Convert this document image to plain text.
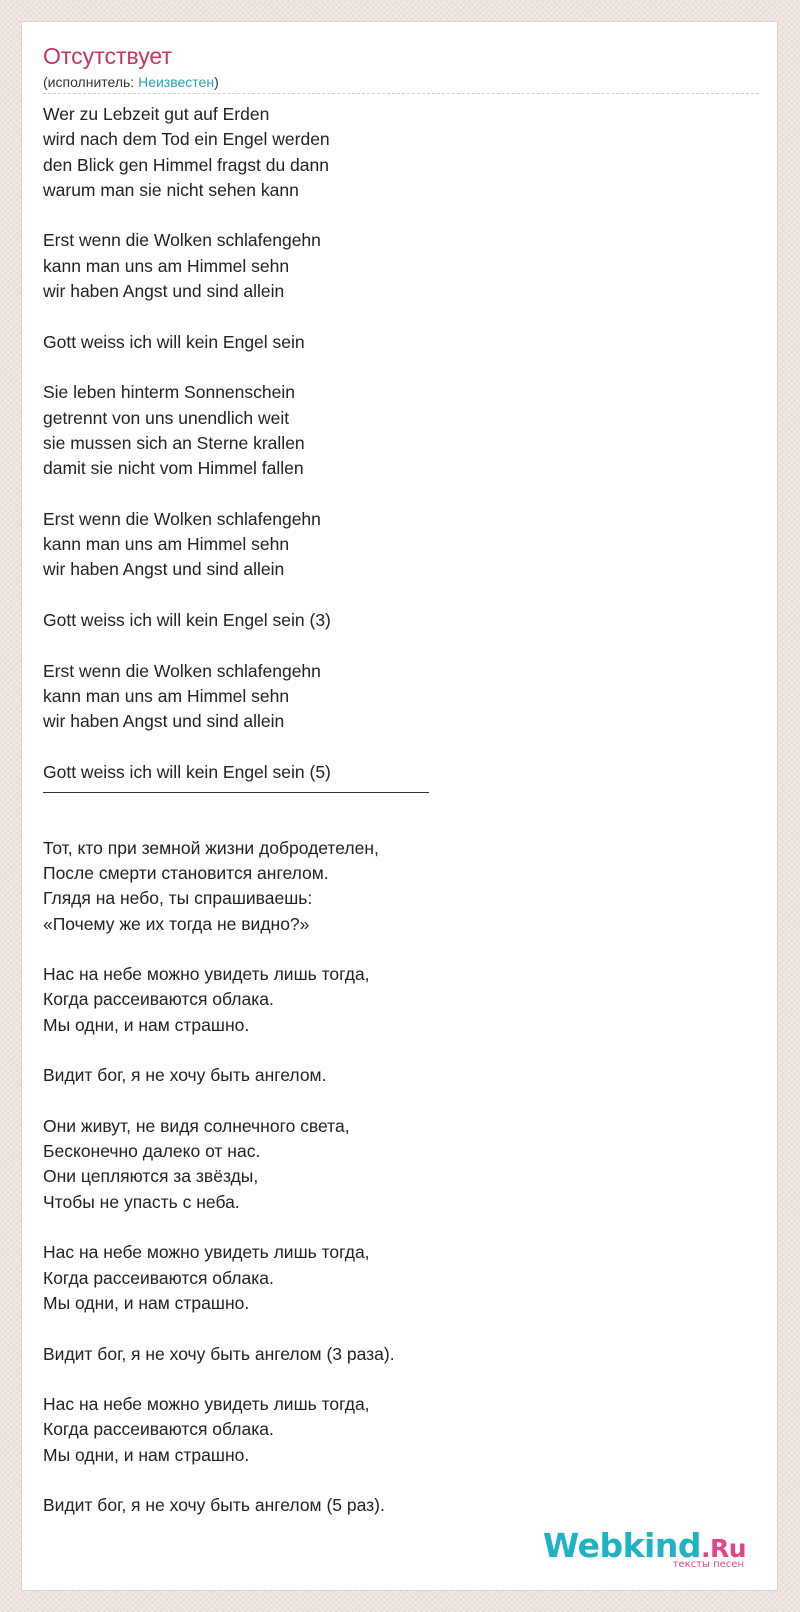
Отсутствует
(исполнитель: Неизвестен)
Wer zu Lebzeit gut auf Erden
wird nach dem Tod ein Engel werden
den Blick gen Himmel fragst du dann
warum man sie nicht sehen kann
Erst wenn die Wolken schlafengehn
kann man uns am Himmel sehn
wir haben Angst und sind allein
Gott weiss ich will kein Engel sein
Sie leben hinterm Sonnenschein
getrennt von uns unendlich weit
sie mussen sich an Sterne krallen
damit sie nicht vom Himmel fallen
Erst wenn die Wolken schlafengehn
kann man uns am Himmel sehn
wir haben Angst und sind allein
Gott weiss ich will kein Engel sein (3)
Erst wenn die Wolken schlafengehn
kann man uns am Himmel sehn
wir haben Angst und sind allein
Gott weiss ich will kein Engel sein (5)
Тот, кто при земной жизни добродетелен,
После смерти становится ангелом.
Глядя на небо, ты спрашиваешь:
«Почему же их тогда не видно?»
Нас на небе можно увидеть лишь тогда,
Когда рассеиваются облака.
Мы одни, и нам страшно.
Видит бог, я не хочу быть ангелом.
Они живут, не видя солнечного света,
Бесконечно далеко от нас.
Они цепляются за звёзды,
Чтобы не упасть с неба.
Нас на небе можно увидеть лишь тогда,
Когда рассеиваются облака.
Мы одни, и нам страшно.
Видит бог, я не хочу быть ангелом (3 раза).
Нас на небе можно увидеть лишь тогда,
Когда рассеиваются облака.
Мы одни, и нам страшно.
Видит бог, я не хочу быть ангелом (5 раз).
Webkind.Ru
тексты песен
